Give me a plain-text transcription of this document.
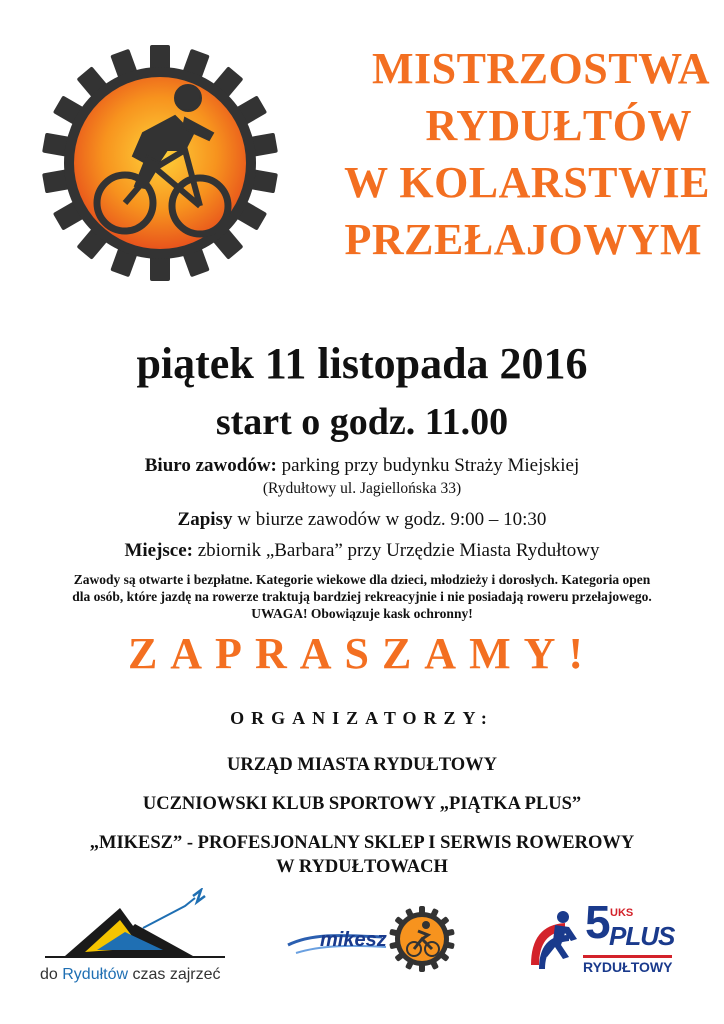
MISTRZOSTWA
RYDUŁTÓW
W KOLARSTWIE
PRZEŁAJOWYM
piątek 11 listopada 2016
start o godz. 11.00
Biuro zawodów: parking przy budynku Straży Miejskiej
(Rydułtowy ul. Jagiellońska 33)
Zapisy w biurze zawodów w godz. 9:00 – 10:30
Miejsce: zbiornik „Barbara” przy Urzędzie Miasta Rydułtowy
Zawody są otwarte i bezpłatne. Kategorie wiekowe dla dzieci, młodzieży i dorosłych. Kategoria open
dla osób, które jazdę na rowerze traktują bardziej rekreacyjnie i nie posiadają roweru przełajowego.
UWAGA! Obowiązuje kask ochronny!
ZAPRASZAMY!
ORGANIZATORZY:
URZĄD MIASTA RYDUŁTOWY
UCZNIOWSKI KLUB SPORTOWY „PIĄTKA PLUS”
„MIKESZ” - PROFESJONALNY SKLEP I SERWIS ROWEROWY
W RYDUŁTOWACH
do Rydułtów czas zajrzeć
mikesz
UKS
5
PLUS
RYDUŁTOWY
